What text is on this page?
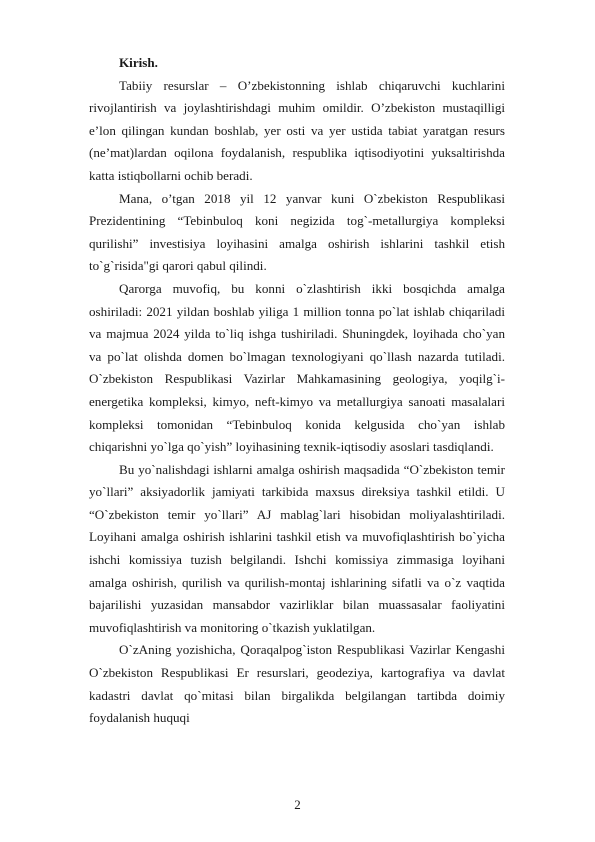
Kirish.

Tabiiy resurslar – O’zbekistonning ishlab chiqaruvchi kuchlarini rivojlantirish va joylashtirishdagi muhim omildir. O’zbekiston mustaqilligi e’lon qilingan kundan boshlab, yer osti va yer ustida tabiat yaratgan resurs (ne’mat)lardan oqilona foydalanish, respublika iqtisodiyotini yuksaltirishda katta istiqbollarni ochib beradi.

Mana, o’tgan 2018 yil 12 yanvar kuni O`zbekiston Respublikasi Prezidentining “Tebinbuloq koni negizida tog`-metallurgiya kompleksi qurilishi” investisiya loyihasini amalga oshirish ishlarini tashkil etish to`g`risida"gi qarori qabul qilindi.

Qarorga muvofiq, bu konni o`zlashtirish ikki bosqichda amalga oshiriladi: 2021 yildan boshlab yiliga 1 million tonna po`lat ishlab chiqariladi va majmua 2024 yilda to`liq ishga tushiriladi. Shuningdek, loyihada cho`yan va po`lat olishda domen bo`lmagan texnologiyani qo`llash nazarda tutiladi. O`zbekiston Respublikasi Vazirlar Mahkamasining geologiya, yoqilg`i-energetika kompleksi, kimyo, neft-kimyo va metallurgiya sanoati masalalari kompleksi tomonidan “Tebinbuloq konida kelgusida cho`yan ishlab chiqarishni yo`lga qo`yish” loyihasining texnik-iqtisodiy asoslari tasdiqlandi.

Bu yo`nalishdagi ishlarni amalga oshirish maqsadida “O`zbekiston temir yo`llari” aksiyadorlik jamiyati tarkibida maxsus direksiya tashkil etildi. U “O`zbekiston temir yo`llari” AJ mablag`lari hisobidan moliyalashtiriladi. Loyihani amalga oshirish ishlarini tashkil etish va muvofiqlashtirish bo`yicha ishchi komissiya tuzish belgilandi. Ishchi komissiya zimmasiga loyihani amalga oshirish, qurilish va qurilish-montaj ishlarining sifatli va o`z vaqtida bajarilishi yuzasidan mansabdor vazirliklar bilan muassasalar faoliyatini muvofiqlashtirish va monitoring o`tkazish yuklatilgan.

O`zAning yozishicha, Qoraqalpog`iston Respublikasi Vazirlar Kengashi O`zbekiston Respublikasi Er resurslari, geodeziya, kartografiya va davlat kadastri davlat qo`mitasi bilan birgalikda belgilangan tartibda doimiy foydalanish huquqi

2
